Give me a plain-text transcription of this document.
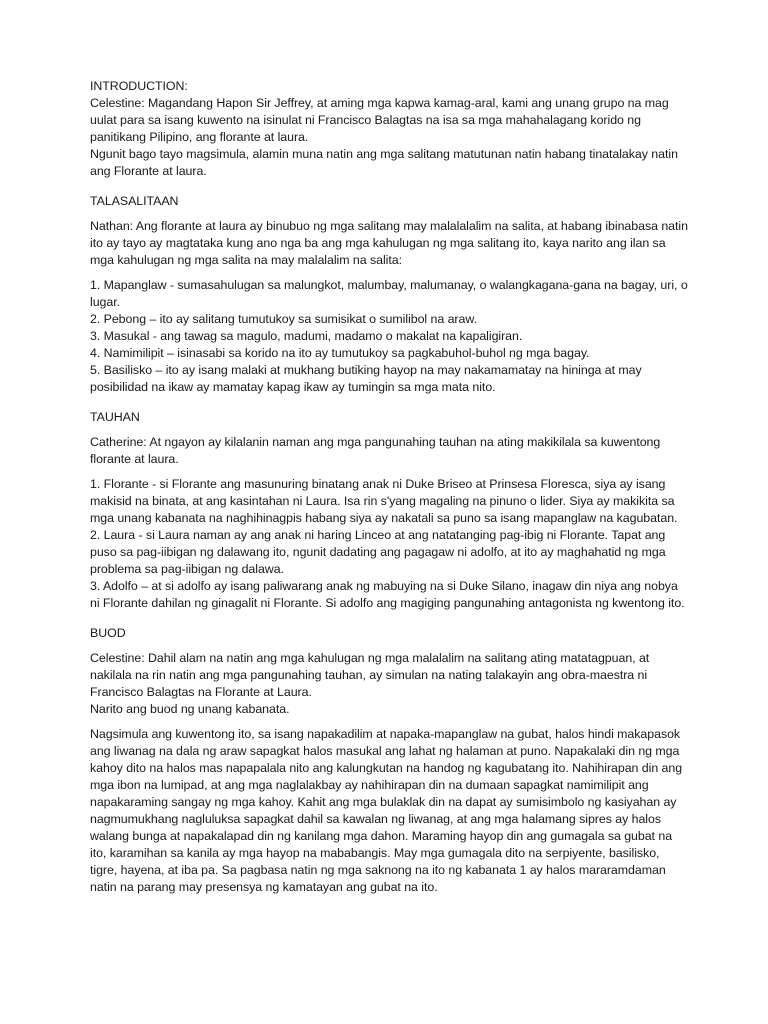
INTRODUCTION:

Celestine: Magandang Hapon Sir Jeffrey, at aming mga kapwa kamag-aral, kami ang unang grupo na mag uulat para sa isang kuwento na isinulat ni Francisco Balagtas na isa sa mga mahahalagang korido ng panitikang Pilipino, ang florante at laura.

Ngunit bago tayo magsimula, alamin muna natin ang mga salitang matutunan natin habang tinatalakay natin ang Florante at laura.

TALASALITAAN

Nathan: Ang florante at laura ay binubuo ng mga salitang may malalalalim na salita, at habang ibinabasa natin ito ay tayo ay magtataka kung ano nga ba ang mga kahulugan ng mga salitang ito, kaya narito ang ilan sa mga kahulugan ng mga salita na may malalalim na salita:

1. Mapanglaw - sumasahulugan sa malungkot, malumbay, malumanay, o walangkagana-gana na bagay, uri, o lugar.

2. Pebong – ito ay salitang tumutukoy sa sumisikat o sumilibol na araw.

3. Masukal - ang tawag sa magulo, madumi, madamo o makalat na kapaligiran.

4. Namimilipit – isinasabi sa korido na ito ay tumutukoy sa pagkabuhol-buhol ng mga bagay.

5. Basilisko – ito ay isang malaki at mukhang butiking hayop na may nakamamatay na hininga at may posibilidad na ikaw ay mamatay kapag ikaw ay tumingin sa mga mata nito.

TAUHAN

Catherine: At ngayon ay kilalanin naman ang mga pangunahing tauhan na ating makikilala sa kuwentong florante at laura.

1. Florante - si Florante ang masunuring binatang anak ni Duke Briseo at Prinsesa Floresca, siya ay isang makisid na binata, at ang kasintahan ni Laura. Isa rin s'yang magaling na pinuno o lider. Siya ay makikita sa mga unang kabanata na naghihinagpis habang siya ay nakatali sa puno sa isang mapanglaw na kagubatan.

2. Laura - si Laura naman ay ang anak ni haring Linceo at ang natatanging pag-ibig ni Florante. Tapat ang puso sa pag-iibigan ng dalawang ito, ngunit dadating ang pagagaw ni adolfo, at ito ay maghahatid ng mga problema sa pag-iibigan ng dalawa.

3. Adolfo – at si adolfo ay isang paliwarang anak ng mabuying na si Duke Silano, inagaw din niya ang nobya ni Florante dahilan ng ginagalit ni Florante. Si adolfo ang magiging pangunahing antagonista ng kwentong ito.

BUOD

Celestine: Dahil alam na natin ang mga kahulugan ng mga malalalim na salitang ating matatagpuan, at nakilala na rin natin ang mga pangunahing tauhan, ay simulan na nating talakayin ang obra-maestra ni Francisco Balagtas na Florante at Laura.

Narito ang buod ng unang kabanata.

Nagsimula ang kuwentong ito, sa isang napakadilim at napaka-mapanglaw na gubat, halos hindi makapasok ang liwanag na dala ng araw sapagkat halos masukal ang lahat ng halaman at puno. Napakalaki din ng mga kahoy dito na halos mas napapalala nito ang kalungkutan na handog ng kagubatang ito. Nahihirapan din ang mga ibon na lumipad, at ang mga naglalakbay ay nahihirapan din na dumaan sapagkat namimilipit ang napakaraming sangay ng mga kahoy. Kahit ang mga bulaklak din na dapat ay sumisimbolo ng kasiyahan ay nagmumukhang nagluluksa sapagkat dahil sa kawalan ng liwanag, at ang mga halamang sipres ay halos walang bunga at napakalapad din ng kanilang mga dahon. Maraming hayop din ang gumagala sa gubat na ito, karamihan sa kanila ay mga hayop na mababangis. May mga gumagala dito na serpiyente, basilisko, tigre, hayena, at iba pa. Sa pagbasa natin ng mga saknong na ito ng kabanata 1 ay halos mararamdaman natin na parang may presensya ng kamatayan ang gubat na ito.
